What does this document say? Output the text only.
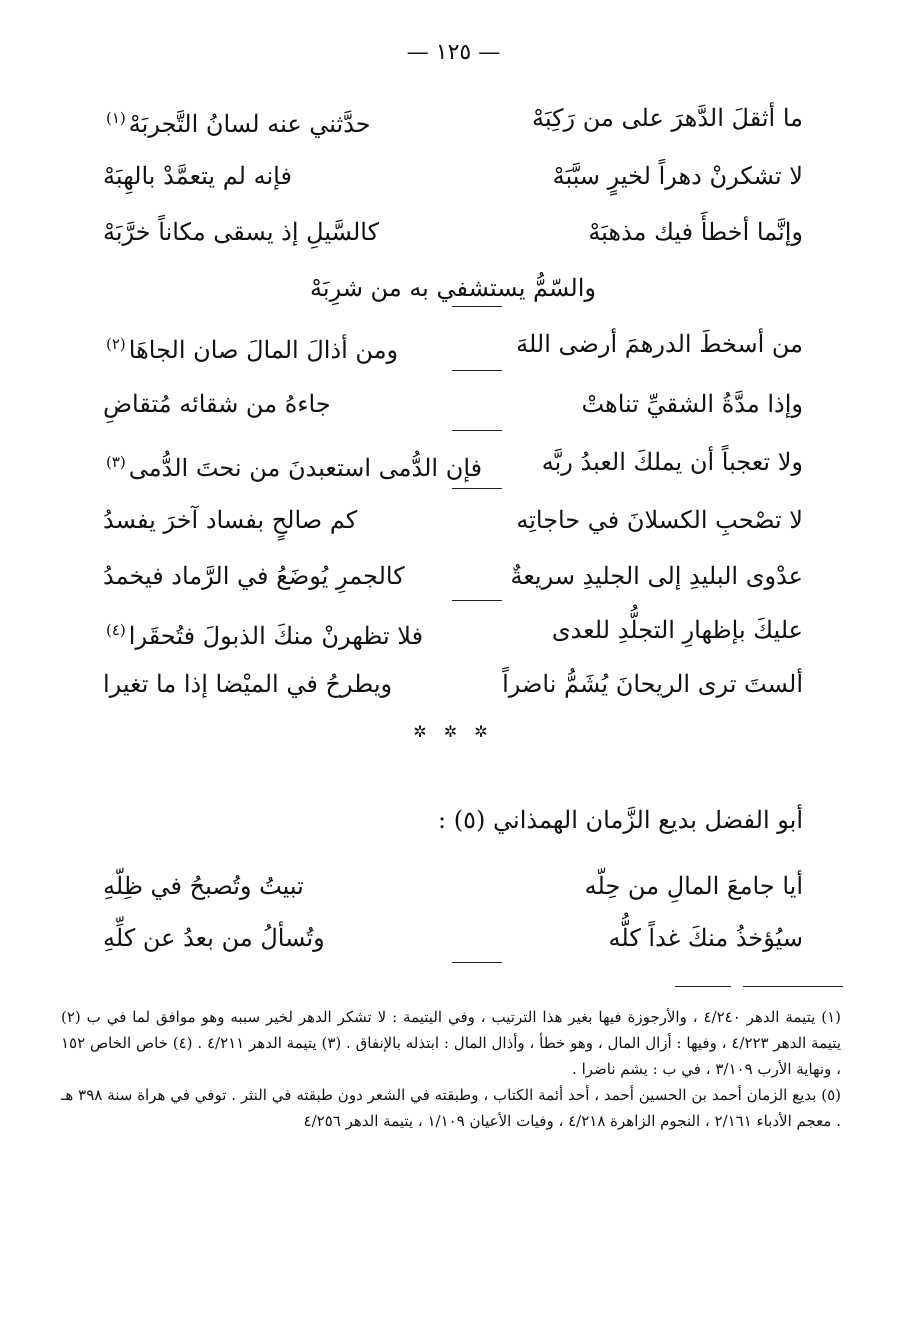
— ١٢٥ —
ما أثقلَ الدَّهرَ على من رَكِبَهْ
حدَّثني عنه لسانُ التَّجربَهْ$^{(١)}$
لا تشكرنْ دهراً لخيرٍ سبَّبَهْ
فإنه لم يتعمَّدْ بالهِبَهْ
وإنَّما أخطأَ فيك مذهبَهْ
كالسَّيلِ إذ يسقى مكاناً خرَّبَهْ
والسّمُّ يستشفي به من شرِبَهْ
من أسخطَ الدرهمَ أرضى اللهَ
ومن أذالَ المالَ صان الجاهَا$^{(٢)}$
وإذا مدَّةُ الشقيِّ تناهتْ
جاءهُ من شقائه مُتقاضِ
ولا تعجباً أن يملكَ العبدُ ربَّه
فإن الدُّمى استعبدنَ من نحتَ الدُّمى$^{(٣)}$
لا تصْحبِ الكسلانَ في حاجاتِه
كم صالحٍ بفساد آخرَ يفسدُ
عدْوى البليدِ إلى الجليدِ سريعةٌ
كالجمرِ يُوضَعُ في الرَّماد فيخمدُ
عليكَ بإظهارِ التجلُّدِ للعدى
فلا تظهرنْ منكَ الذبولَ فتُحقَرا$^{(٤)}$
ألستَ ترى الريحانَ يُشَمُّ ناضراً
ويطرحُ في الميْضا إذا ما تغيرا
✲ ✲ ✲
أبو الفضل بديع الزَّمان الهمذاني (٥) :
أيا جامعَ المالِ من حِلّه
تبيتُ وتُصبحُ في ظِلّهِ
سيُؤخذُ منكَ غداً كلُّه
وتُسألُ من بعدُ عن كلِّهِ

(١) يتيمة الدهر ٤/٢٤٠ ، والأرجوزة فيها بغير هذا الترتيب ، وفي اليتيمة : لا تشكر الدهر لخير سببه وهو موافق لما في ب (٢) يتيمة الدهر ٤/٢٢٣ ، وفيها : أزال المال ، وهو خطأ ، وأذال المال : ابتذله بالإنفاق . (٣) يتيمة الدهر ٤/٢١١ . (٤) خاص الخاص ١٥٢ ، ونهاية الأرب ٣/١٠٩ ، في ب : يشم ناضرا .

(٥) بديع الزمان أحمد بن الحسين أحمد ، أحد أئمة الكتاب ، وطبقته في الشعر دون طبقته في النثر . توفي في هراة سنة ٣٩٨ هـ . معجم الأدباء ٢/١٦١ ، النجوم الزاهرة ٤/٢١٨ ، وفيات الأعيان ١/١٠٩ ، يتيمة الدهر ٤/٢٥٦
